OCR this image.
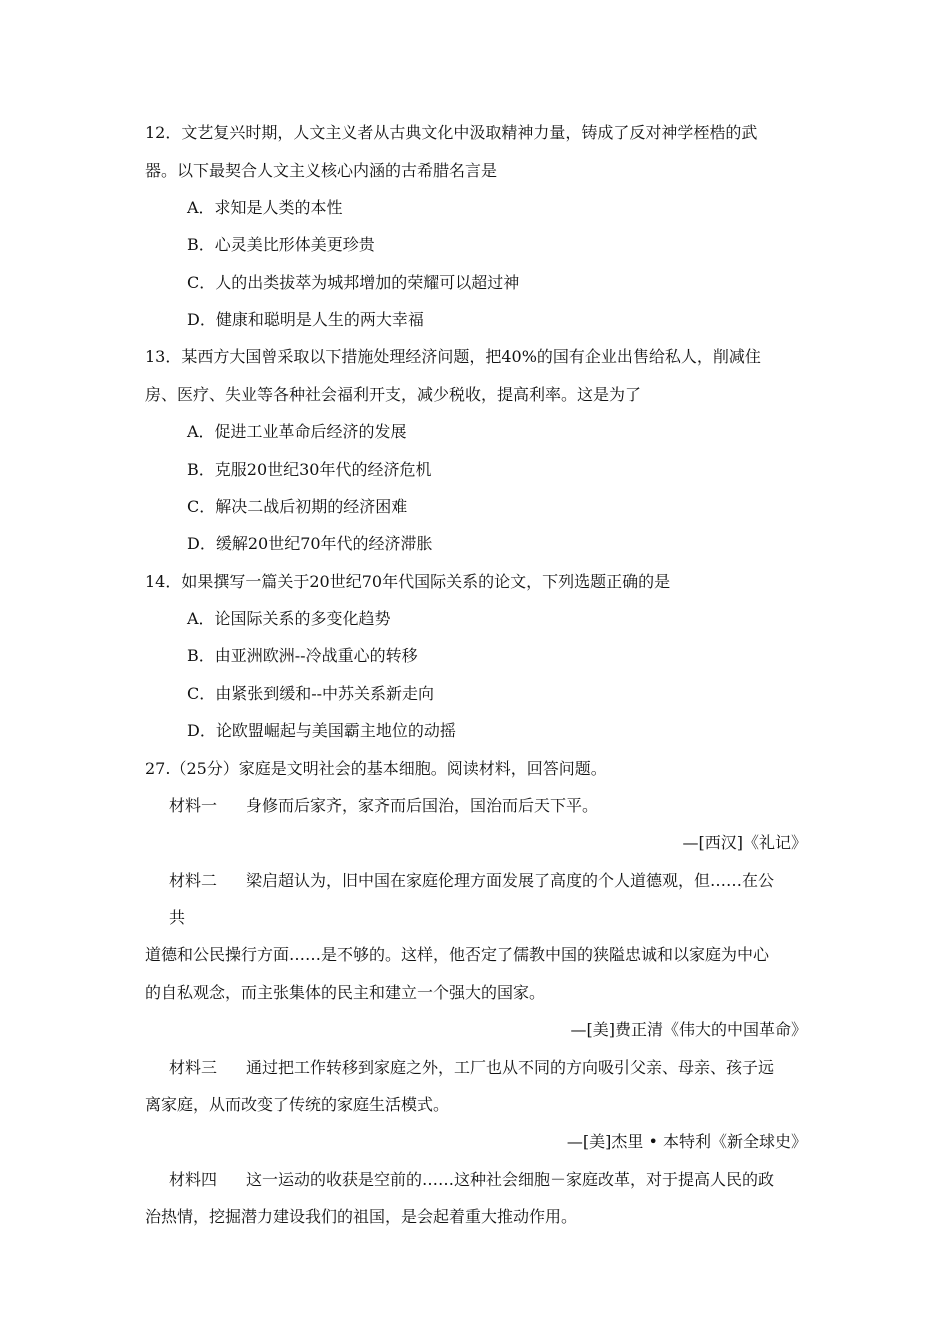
12．文艺复兴时期，人文主义者从古典文化中汲取精神力量，铸成了反对神学桎梏的武
器。以下最契合人文主义核心内涵的古希腊名言是
A．求知是人类的本性
B．心灵美比形体美更珍贵
C．人的出类拔萃为城邦增加的荣耀可以超过神
D．健康和聪明是人生的两大幸福
13．某西方大国曾采取以下措施处理经济问题，把40%的国有企业出售给私人，削减住
房、医疗、失业等各种社会福利开支，减少税收，提高利率。这是为了
A．促进工业革命后经济的发展
B．克服20世纪30年代的经济危机
C．解决二战后初期的经济困难
D．缓解20世纪70年代的经济滞胀
14．如果撰写一篇关于20世纪70年代国际关系的论文，下列选题正确的是
A．论国际关系的多变化趋势
B．由亚洲欧洲--冷战重心的转移
C．由紧张到缓和--中苏关系新走向
D．论欧盟崛起与美国霸主地位的动摇
27.（25分）家庭是文明社会的基本细胞。阅读材料，回答问题。
材料一 身修而后家齐，家齐而后国治，国治而后天下平。
—[西汉]《礼记》
材料二 梁启超认为，旧中国在家庭伦理方面发展了高度的个人道德观，但……在公
共
道德和公民操行方面……是不够的。这样，他否定了儒教中国的狭隘忠诚和以家庭为中心
的自私观念，而主张集体的民主和建立一个强大的国家。
—[美]费正清《伟大的中国革命》
材料三 通过把工作转移到家庭之外，工厂也从不同的方向吸引父亲、母亲、孩子远
离家庭，从而改变了传统的家庭生活模式。
—[美]杰里 • 本特利《新全球史》
材料四 这一运动的收获是空前的……这种社会细胞－家庭改革，对于提高人民的政
治热情，挖掘潜力建设我们的祖国，是会起着重大推动作用。
